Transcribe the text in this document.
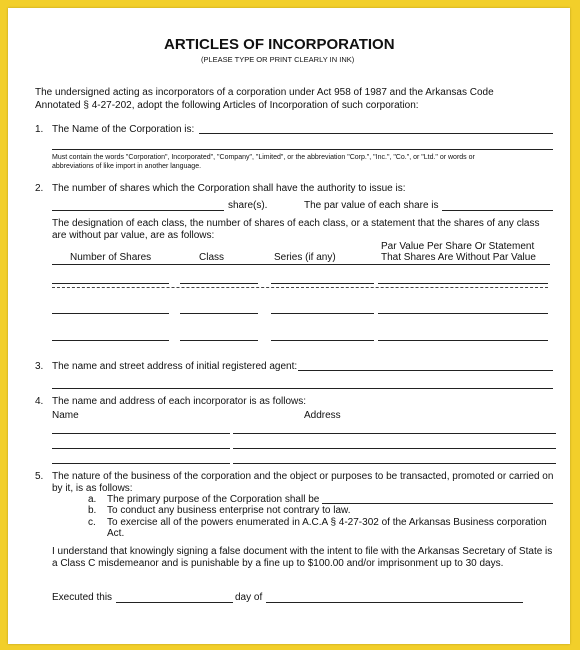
ARTICLES OF INCORPORATION
(PLEASE TYPE OR PRINT CLEARLY IN INK)
The undersigned acting as incorporators of a corporation under Act 958 of 1987 and the Arkansas Code
Annotated § 4-27-202, adopt the following Articles of Incorporation of such corporation:
1. The Name of the Corporation is:
Must contain the words "Corporation", Incorporated", "Company", "Limited", or the abbreviation "Corp.", "Inc.", "Co.", or "Ltd." or words or
abbreviations of like import in another language.
2. The number of shares which the Corporation shall have the authority to issue is:
share(s).	The par value of each share is
The designation of each class, the number of shares of each class, or a statement that the shares of any class
are without par value, are as follows:
Number of Shares	Class	Series (if any)
Par Value Per Share Or Statement
That Shares Are Without Par Value
3. The name and street address of initial registered agent:
4. The name and address of each incorporator is as follows:
Name	Address
5. The nature of the business of the corporation and the object or purposes to be transacted, promoted or carried on
by it, is as follows:
a. The primary purpose of the Corporation shall be
b. To conduct any business enterprise not contrary to law.
c. To exercise all of the powers enumerated in A.C.A § 4-27-302 of the Arkansas Business corporation
Act.
I understand that knowingly signing a false document with the intent to file with the Arkansas Secretary of State is
a Class C misdemeanor and is punishable by a fine up to $100.00 and/or imprisonment up to 30 days.
Executed this	day of
